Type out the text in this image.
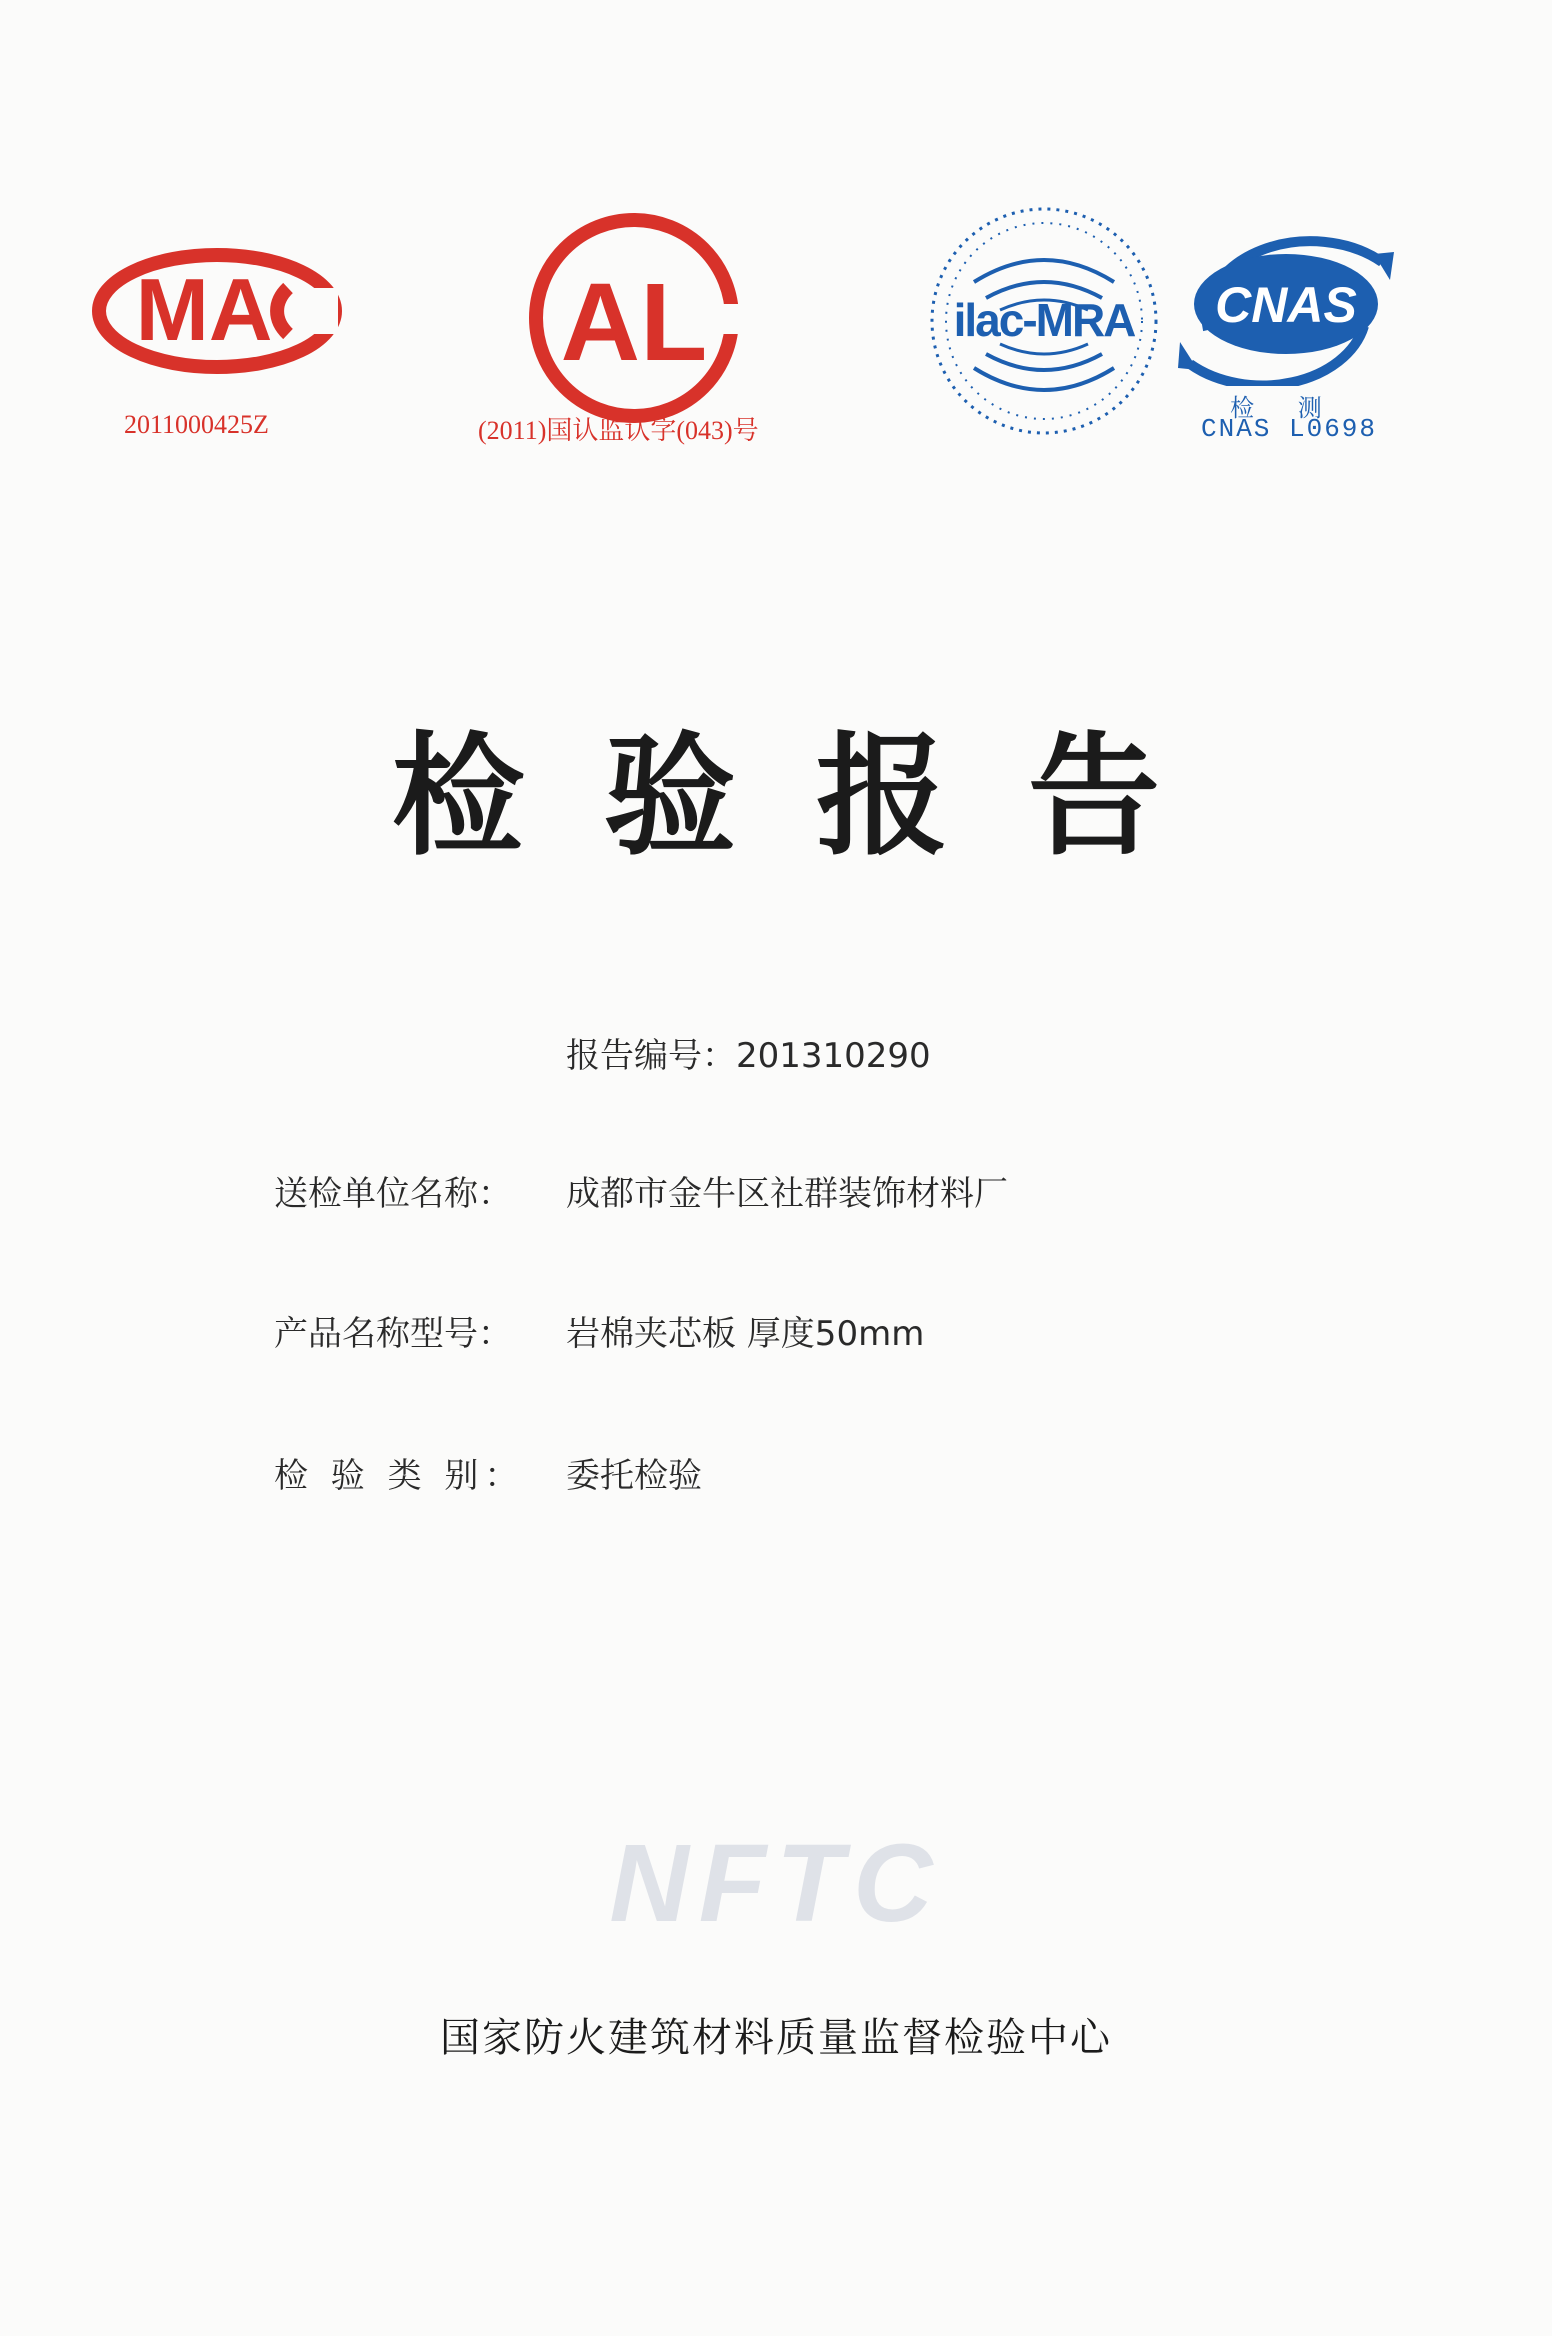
MA
2011000425Z
AL
(2011)国认监认字(043)号
ilac-MRA CNAS
检 测
CNAS L0698
检验报告
报告编号：201310290
送检单位名称： 成都市金牛区社群装饰材料厂
产品名称型号： 岩棉夹芯板 厚度50mm
检 验 类 别： 委托检验
NFTC
国家防火建筑材料质量监督检验中心
